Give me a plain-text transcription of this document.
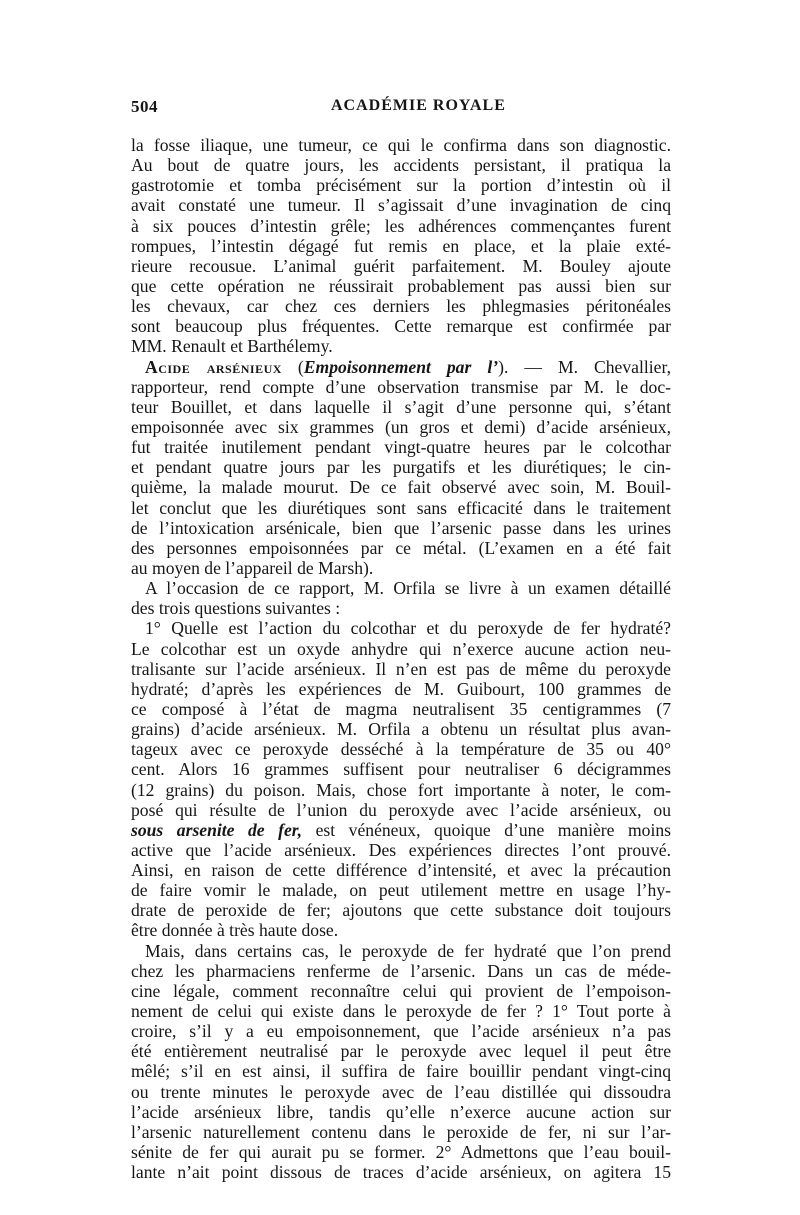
504	ACADÉMIE ROYALE
la fosse iliaque, une tumeur, ce qui le confirma dans son diagnostic.
Au bout de quatre jours, les accidents persistant, il pratiqua la
gastrotomie et tomba précisément sur la portion d’intestin où il
avait constaté une tumeur. Il s’agissait d’une invagination de cinq
à six pouces d’intestin grêle; les adhérences commençantes furent
rompues, l’intestin dégagé fut remis en place, et la plaie exté-
rieure recousue. L’animal guérit parfaitement. M. Bouley ajoute
que cette opération ne réussirait probablement pas aussi bien sur
les chevaux, car chez ces derniers les phlegmasies péritonéales
sont beaucoup plus fréquentes. Cette remarque est confirmée par
MM. Renault et Barthélemy.
Acide arsénieux (Empoisonnement par l’). — M. Chevallier,
rapporteur, rend compte d’une observation transmise par M. le doc-
teur Bouillet, et dans laquelle il s’agit d’une personne qui, s’étant
empoisonnée avec six grammes (un gros et demi) d’acide arsénieux,
fut traitée inutilement pendant vingt-quatre heures par le colcothar
et pendant quatre jours par les purgatifs et les diurétiques; le cin-
quième, la malade mourut. De ce fait observé avec soin, M. Bouil-
let conclut que les diurétiques sont sans efficacité dans le traitement
de l’intoxication arsénicale, bien que l’arsenic passe dans les urines
des personnes empoisonnées par ce métal. (L’examen en a été fait
au moyen de l’appareil de Marsh).
A l’occasion de ce rapport, M. Orfila se livre à un examen détaillé
des trois questions suivantes :
1° Quelle est l’action du colcothar et du peroxyde de fer hydraté?
Le colcothar est un oxyde anhydre qui n’exerce aucune action neu-
tralisante sur l’acide arsénieux. Il n’en est pas de même du peroxyde
hydraté; d’après les expériences de M. Guibourt, 100 grammes de
ce composé à l’état de magma neutralisent 35 centigrammes (7
grains) d’acide arsénieux. M. Orfila a obtenu un résultat plus avan-
tageux avec ce peroxyde desséché à la température de 35 ou 40°
cent. Alors 16 grammes suffisent pour neutraliser 6 décigrammes
(12 grains) du poison. Mais, chose fort importante à noter, le com-
posé qui résulte de l’union du peroxyde avec l’acide arsénieux, ou
sous arsenite de fer, est vénéneux, quoique d’une manière moins
active que l’acide arsénieux. Des expériences directes l’ont prouvé.
Ainsi, en raison de cette différence d’intensité, et avec la précaution
de faire vomir le malade, on peut utilement mettre en usage l’hy-
drate de peroxide de fer; ajoutons que cette substance doit toujours
être donnée à très haute dose.
Mais, dans certains cas, le peroxyde de fer hydraté que l’on prend
chez les pharmaciens renferme de l’arsenic. Dans un cas de méde-
cine légale, comment reconnaître celui qui provient de l’empoison-
nement de celui qui existe dans le peroxyde de fer ? 1° Tout porte à
croire, s’il y a eu empoisonnement, que l’acide arsénieux n’a pas
été entièrement neutralisé par le peroxyde avec lequel il peut être
mêlé; s’il en est ainsi, il suffira de faire bouillir pendant vingt-cinq
ou trente minutes le peroxyde avec de l’eau distillée qui dissoudra
l’acide arsénieux libre, tandis qu’elle n’exerce aucune action sur
l’arsenic naturellement contenu dans le peroxide de fer, ni sur l’ar-
sénite de fer qui aurait pu se former. 2° Admettons que l’eau bouil-
lante n’ait point dissous de traces d’acide arsénieux, on agitera 15
